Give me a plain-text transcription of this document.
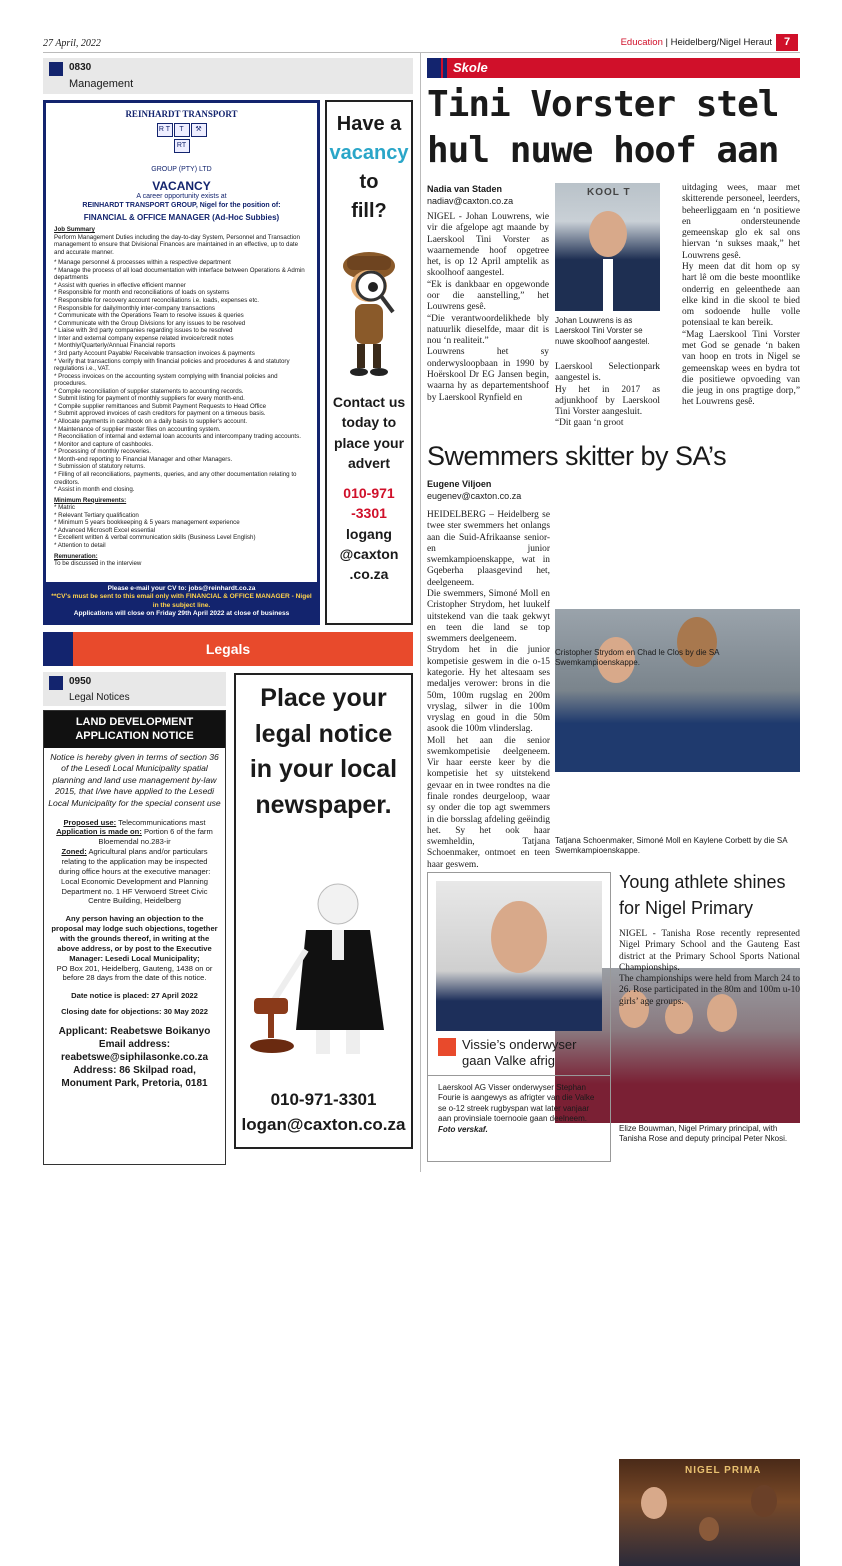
27 April, 2022	Education | Heidelberg/Nigel Heraut	7
0830
Management
REINHARDT TRANSPORT
R T	T	⚒
RT
GROUP (PTY) LTD
VACANCY
A career opportunity exists at
REINHARDT TRANSPORT GROUP, Nigel for the position of:
FINANCIAL & OFFICE MANAGER (Ad-Hoc Subbies)
Job Summary
Perform Management Duties including the day-to-day System, Personnel and Transaction management to ensure that Divisional Finances are maintained in an effective, up to date and accurate manner.
* Manage personnel & processes within a respective department
* Manage the process of all load documentation with interface between Operations & Admin departments
* Assist with queries in effective efficient manner
* Responsible for month end reconciliations of loads on systems
* Responsible for recovery account reconciliations i.e. loads, expenses etc.
* Responsible for daily/monthly inter-company transactions
* Communicate with the Operations Team to resolve issues & queries
* Communicate with the Group Divisions for any issues to be resolved
* Liaise with 3rd party companies regarding issues to be resolved
* Inter and external company expense related invoice/credit notes
* Monthly/Quarterly/Annual Financial reports
* 3rd party Account Payable/ Receivable transaction invoices & payments
* Verify that transactions comply with financial policies and procedures & and statutory regulations i.e., VAT.
* Process invoices on the accounting system complying with financial policies and procedures.
* Compile reconciliation of supplier statements to accounting records.
* Submit listing for payment of monthly suppliers for every month-end.
* Compile supplier remittances and Submit Payment Requests to Head Office
* Submit approved invoices of cash creditors for payment on a timeous basis.
* Allocate payments in cashbook on a daily basis to supplier's account.
* Maintenance of supplier master files on accounting system.
* Reconciliation of internal and external loan accounts and intercompany trading accounts.
* Monitor and capture of cashbooks.
* Processing of monthly recoveries.
* Month-end reporting to Financial Manager and other Managers.
* Submission of statutory returns.
* Filling of all reconciliations, payments, queries, and any other documentation relating to creditors.
* Assist in month end closing.
Minimum Requirements:
* Matric
* Relevant Tertiary qualification
* Minimum 5 years bookkeeping & 5 years management experience
* Advanced Microsoft Excel essential
* Excellent written & verbal communication skills (Business Level English)
* Attention to detail
Remuneration:
To be discussed in the interview
Please e-mail your CV to: jobs@reinhardt.co.za
**CV's must be sent to this email only with FINANCIAL & OFFICE MANAGER - Nigel in the subject line.
Applications will close on Friday 29th April 2022 at close of business
Have a
vacancy
to
fill?
Contact us
today to
place your
advert
010-971
-3301
logang
@caxton
.co.za
Legals
0950
Legal Notices
LAND DEVELOPMENT
APPLICATION NOTICE
Notice is hereby given in terms of section 36 of the Lesedi Local Municipality spatial planning and land use management by-law 2015, that I/we have applied to the Lesedi Local Municipality for the special consent use
Proposed use: Telecommunications mast
Application is made on: Portion 6 of the farm Bloemendal no.283-ir
Zoned: Agricultural plans and/or particulars relating to the application may be inspected during office hours at the executive manager: Local Economic Development and Planning Department no. 1 HF Verwoerd Street Civic Centre Building, Heidelberg
Any person having an objection to the proposal may lodge such objections, together with the grounds thereof, in writing at the above address, or by post to the Executive Manager: Lesedi Local Municipality;
PO Box 201, Heidelberg, Gauteng, 1438 on or before 28 days from the date of this notice.
Date notice is placed: 27 April 2022
Closing date for objections: 30 May 2022
Applicant: Reabetswe Boikanyo
Email address:
reabetswe@siphilasonke.co.za
Address: 86 Skilpad road,
Monument Park, Pretoria, 0181
Place your
legal notice
in your local
newspaper.
010-971-3301
logan@caxton.co.za
Skole
Tini Vorster stel hul nuwe hoof aan
Nadia van Staden
nadiav@caxton.co.za
NIGEL - Johan Louwrens, wie vir die afgelope agt maande by Laerskool Tini Vorster as waarnemende hoof opgetree het, is op 12 April amptelik as skoolhoof aangestel.
“Ek is dankbaar en opgewonde oor die aanstelling,” het Louwrens gesê.
“Die verantwoordelikhede bly natuurlik dieselfde, maar dit is nou ‘n realiteit.”
Louwrens het sy onderwysloopbaan in 1990 by Hoërskool Dr EG Jansen begin, waarna hy as departementshoof by Laerskool Rynfield en
KOOL T
Johan Louwrens is as Laerskool Tini Vorster se nuwe skoolhoof aangestel.
Laerskool Selectionpark aangestel is.
Hy het in 2017 as adjunkhoof by Laerskool Tini Vorster aangesluit.
“Dit gaan ‘n groot
uitdaging wees, maar met skitterende personeel, leerders, beheerliggaam en ‘n positiewe en ondersteunende gemeenskap glo ek sal ons hiervan ‘n sukses maak,” het Louwrens gesê.
Hy meen dat dit hom op sy hart lê om die beste moontlike onderrig en geleenthede aan elke kind in die skool te bied om sodoende hulle volle potensiaal te kan bereik.
“Mag Laerskool Tini Vorster met God se genade ‘n baken van hoop en trots in Nigel se gemeenskap wees en bydra tot die positiewe opvoeding van die jeug in ons pragtige dorp,” het Louwrens gesê.
Swemmers skitter by SA’s
Eugene Viljoen
eugenev@caxton.co.za
HEIDELBERG – Heidelberg se twee ster swemmers het onlangs aan die Suid-Afrikaanse senior- en junior swemkampioenskappe, wat in Gqeberha plaasgevind het, deelgeneem.
Die swemmers, Simoné Moll en Cristopher Strydom, het luukelf uitstekend van die taak gekwyt en teen die land se top swemmers deelgeneem.
Strydom het in die junior kompetisie geswem in die o-15 kategorie. Hy het altesaam ses medaljes verower: brons in die 50m, 100m rugslag en 200m vryslag, silwer in die 100m vryslag en goud in die 50m asook die 100m vlinderslag.
Moll het aan die senior swemkompetisie deelgeneem. Vir haar eerste keer by die kompetisie het sy uitstekend gevaar en in twee rondtes na die finale rondes deurgeloop, waar sy onder die top agt swemmers in die borsslag afdeling geëindig het. Sy het ook haar swemheldin, Tatjana Schoenmaker, ontmoet en teen haar geswem.
Cristopher Strydom en Chad le Clos by die SA Swemkampioenskappe.
Tatjana Schoenmaker, Simoné Moll en Kaylene Corbett by die SA Swemkampioenskappe.
Vissie’s onderwyser gaan Valke afrig
Laerskool AG Visser onderwyser Stephan Fourie is aangewys as afrigter van die Valke se o-12 streek rugbyspan wat later vanjaar aan provinsiale toernooie gaan deelneem. Foto verskaf.
Young athlete shines for Nigel Primary
NIGEL - Tanisha Rose recently represented Nigel Primary School and the Gauteng East district at the Primary School Sports National Championships.
The championships were held from March 24 to 26. Rose participated in the 80m and 100m u-10 girls’ age groups.
NIGEL PRIMA
Elize Bouwman, Nigel Primary principal, with Tanisha Rose and deputy principal Peter Nkosi.
